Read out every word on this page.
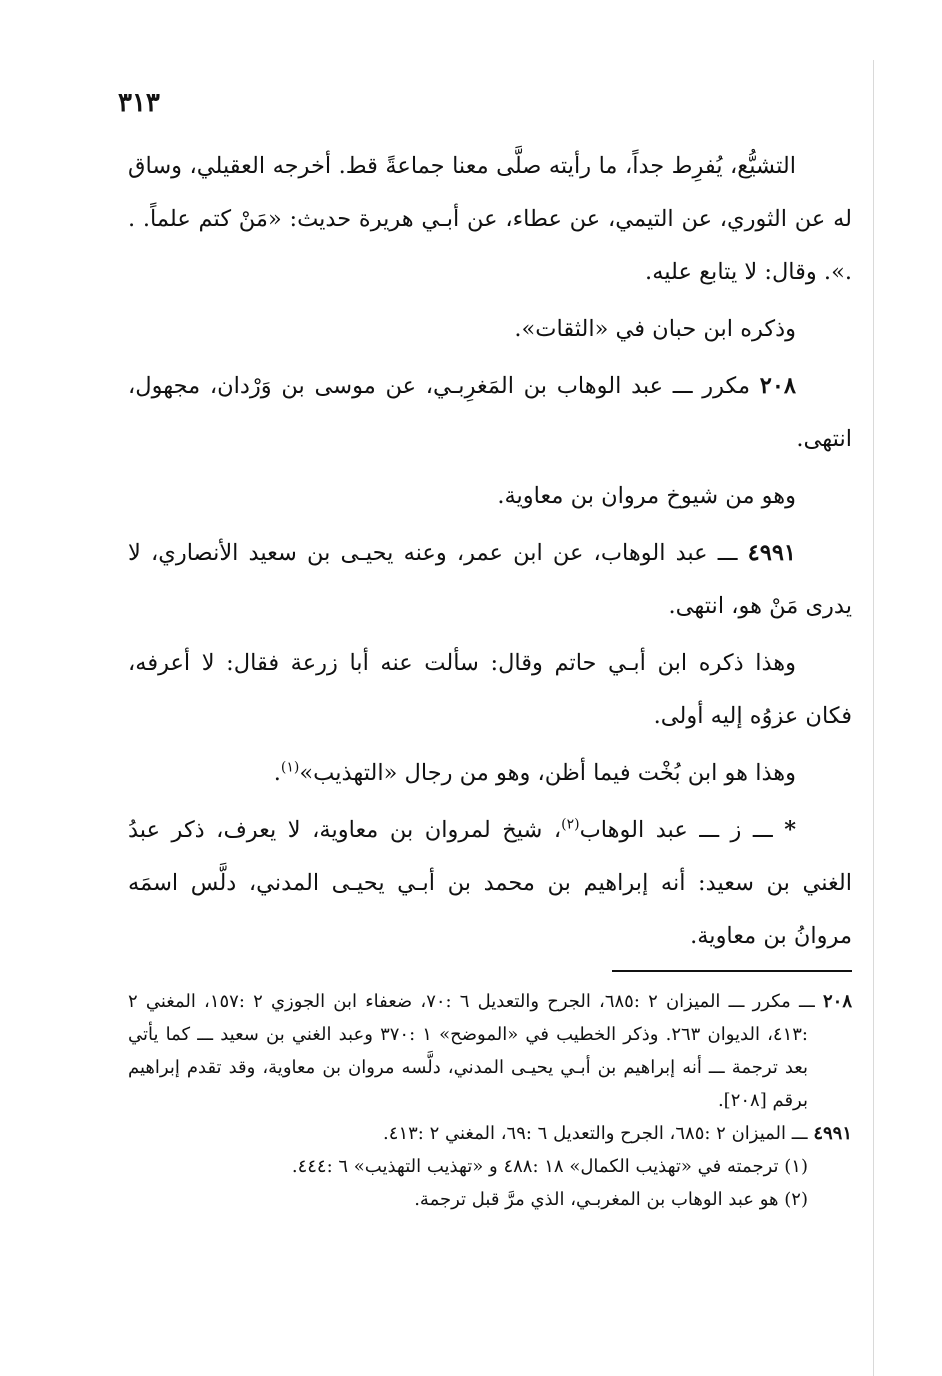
٣١٣

التشيُّع، يُفرِط جداً، ما رأيته صلَّى معنا جماعةً قط. أخرجه العقيلي، وساق له عن الثوري، عن التيمي، عن عطاء، عن أبـي هريرة حديث: «مَنْ كتم علماً. . .». وقال: لا يتابع عليه.

وذكره ابن حبان في «الثقات».

٢٠٨ مكرر ـــ عبد الوهاب بن المَغرِبـي، عن موسى بن وَرْدان، مجهول، انتهى.

وهو من شيوخ مروان بن معاوية.

٤٩٩١ ـــ عبد الوهاب، عن ابن عمر، وعنه يحيـى بن سعيد الأنصاري، لا يدرى مَنْ هو، انتهى.

وهذا ذكره ابن أبـي حاتم وقال: سألت عنه أبا زرعة فقال: لا أعرفه، فكان عزوُه إليه أولى.

وهذا هو ابن بُخْت فيما أظن، وهو من رجال «التهذيب»$^{(١)}$.

* ـــ ز ـــ عبد الوهاب$^{(٢)}$، شيخ لمروان بن معاوية، لا يعرف، ذكر عبدُ الغني بن سعيد: أنه إبراهيم بن محمد بن أبـي يحيـى المدني، دلَّس اسمَه مروانُ بن معاوية.

٢٠٨ ـــ مكرر ـــ الميزان ٢ :٦٨٥، الجرح والتعديل ٦ :٧٠، ضعفاء ابن الجوزي ٢ :١٥٧، المغني ٢ :٤١٣، الديوان ٢٦٣. وذكر الخطيب في «الموضح» ١ :٣٧٠ وعبد الغني بن سعيد ـــ كما يأتي بعد ترجمة ـــ أنه إبراهيم بن أبـي يحيـى المدني، دلَّسه مروان بن معاوية، وقد تقدم إبراهيم برقم [٢٠٨].

٤٩٩١ ـــ الميزان ٢ :٦٨٥، الجرح والتعديل ٦ :٦٩، المغني ٢ :٤١٣.

(١) ترجمته في «تهذيب الكمال» ١٨ :٤٨٨ و «تهذيب التهذيب» ٦ :٤٤٤.

(٢) هو عبد الوهاب بن المغربـي، الذي مرَّ قبل ترجمة.
